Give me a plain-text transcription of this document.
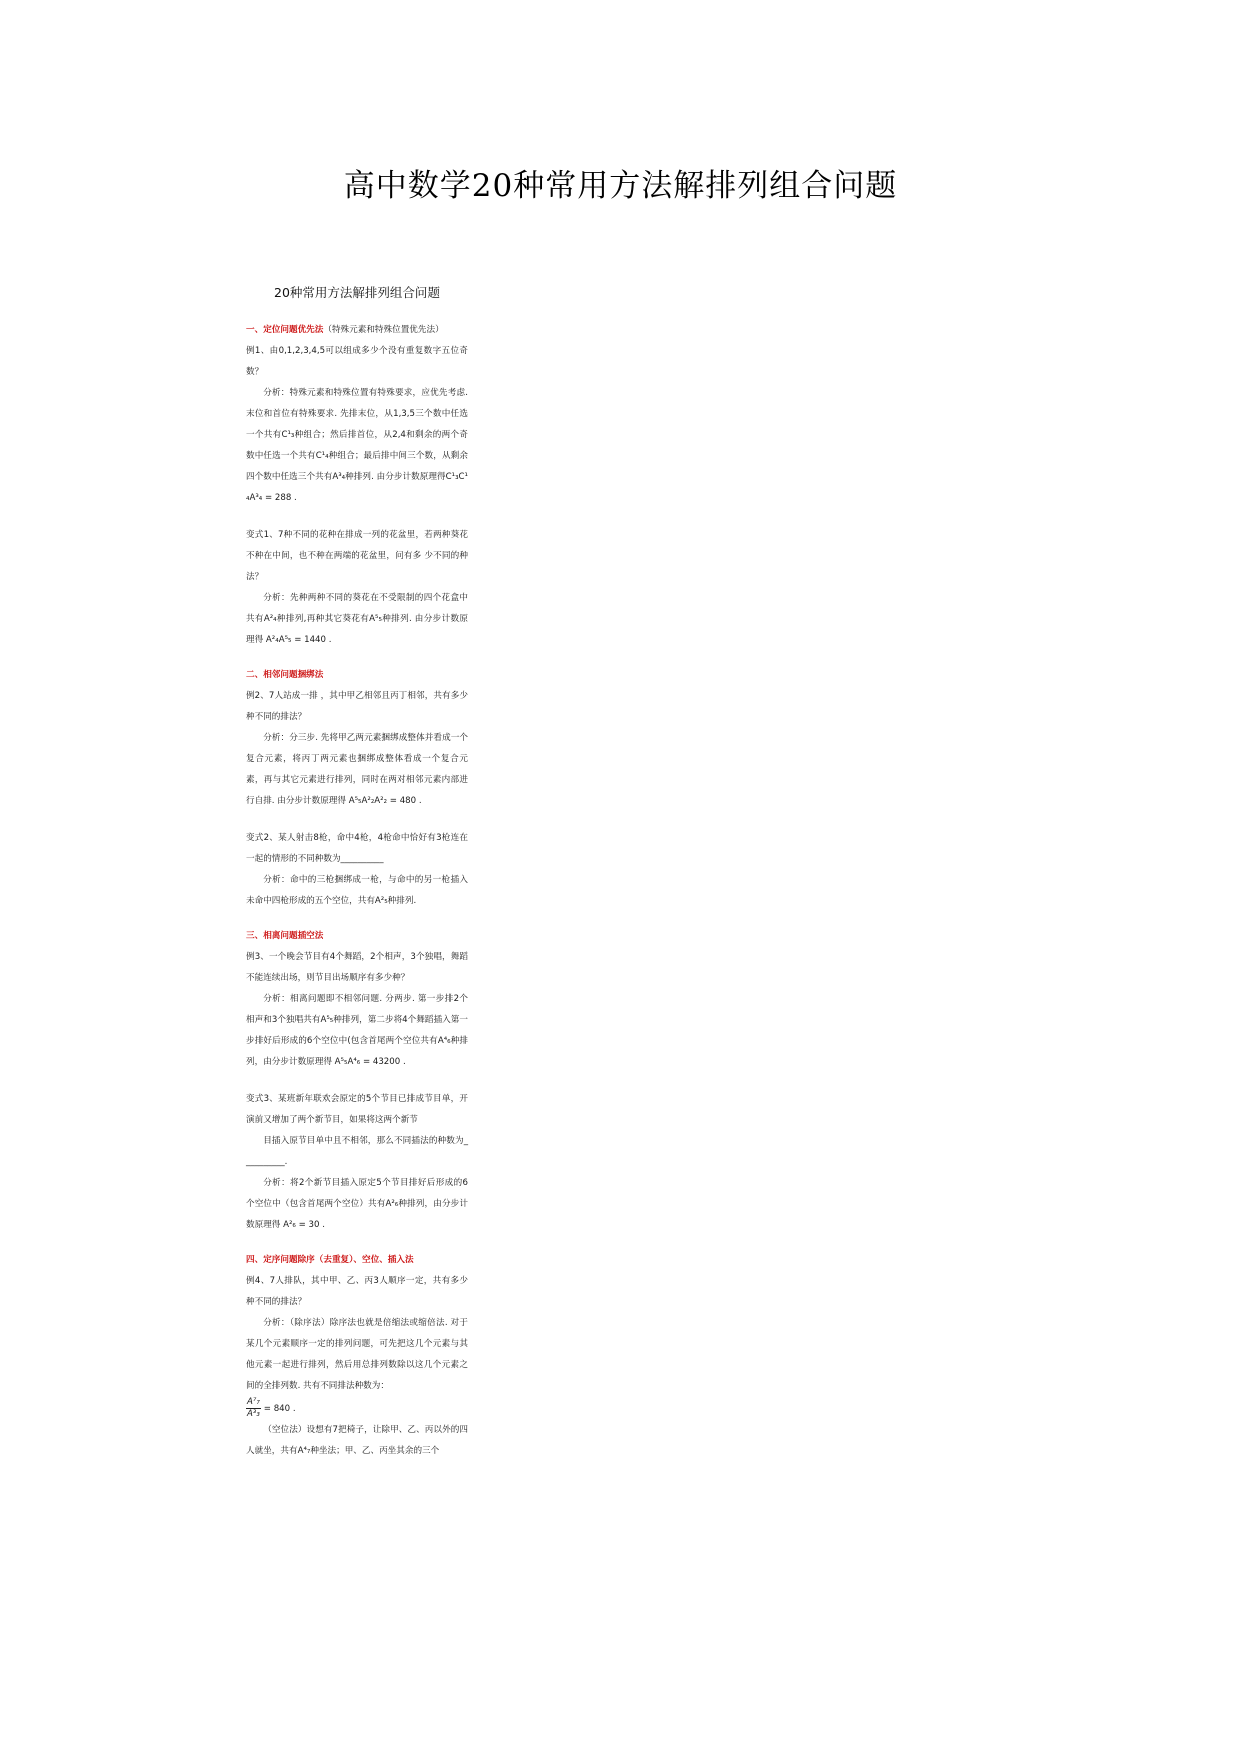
高中数学20种常用方法解排列组合问题
20种常用方法解排列组合问题
一、定位问题优先法（特殊元素和特殊位置优先法）

例1、由0,1,2,3,4,5可以组成多少个没有重复数字五位奇数？

分析：特殊元素和特殊位置有特殊要求，应优先考虑. 末位和首位有特殊要求. 先排末位，从1,3,5三个数中任选一个共有C¹₃种组合；然后排首位，从2,4和剩余的两个奇数中任选一个共有C¹₄种组合；最后排中间三个数，从剩余四个数中任选三个共有A³₄种排列. 由分步计数原理得C¹₃C¹₄A³₄ = 288 .

变式1、7种不同的花种在排成一列的花盆里，若两种葵花不种在中间，也不种在两端的花盆里，问有多 少不同的种法？

分析：先种两种不同的葵花在不受限制的四个花盒中共有A²₄种排列,再种其它葵花有A⁵₅种排列. 由分步计数原理得 A²₄A⁵₅ = 1440 .

二、相邻问题捆绑法

例2、7人站成一排 ，其中甲乙相邻且丙丁相邻，共有多少种不同的排法？

分析：分三步. 先将甲乙两元素捆绑成整体并看成一个复合元素，将丙丁两元素也捆绑成整体看成一个复合元素，再与其它元素进行排列，同时在两对相邻元素内部进行自排. 由分步计数原理得 A⁵₅A²₂A²₂ = 480 .

变式2、某人射击8枪，命中4枪，4枪命中恰好有3枪连在一起的情形的不同种数为__________

分析：命中的三枪捆绑成一枪，与命中的另一枪插入未命中四枪形成的五个空位，共有A²₅种排列.

三、相离问题插空法

例3、一个晚会节目有4个舞蹈，2个相声，3个独唱，舞蹈不能连续出场，则节目出场顺序有多少种？

分析：相离问题即不相邻问题. 分两步. 第一步排2个相声和3个独唱共有A⁵₅种排列，第二步将4个舞蹈插入第一步排好后形成的6个空位中(包含首尾两个空位共有A⁴₆种排列，由分步计数原理得 A⁵₅A⁴₆ = 43200 .

变式3、某班新年联欢会原定的5个节目已排成节目单，开演前又增加了两个新节目，如果将这两个新节

目插入原节目单中且不相邻，那么不同插法的种数为__________.

分析：将2个新节目插入原定5个节目排好后形成的6个空位中（包含首尾两个空位）共有A²₆种排列，由分步计数原理得 A²₆ = 30 .

四、定序问题除序（去重复）、空位、插入法

例4、7人排队，其中甲、乙、丙3人顺序一定，共有多少种不同的排法？

分析：（除序法）除序法也就是倍缩法或缩倍法. 对于某几个元素顺序一定的排列问题，可先把这几个元素与其他元素一起进行排列，然后用总排列数除以这几个元素之间的全排列数. 共有不同排法种数为：

$\frac{\text{A⁷₇}}{\text{A³₃}} = 840$ .

（空位法）设想有7把椅子，让除甲、乙、丙以外的四人就坐，共有A⁴₇种坐法；甲、乙、丙坐其余的三个
